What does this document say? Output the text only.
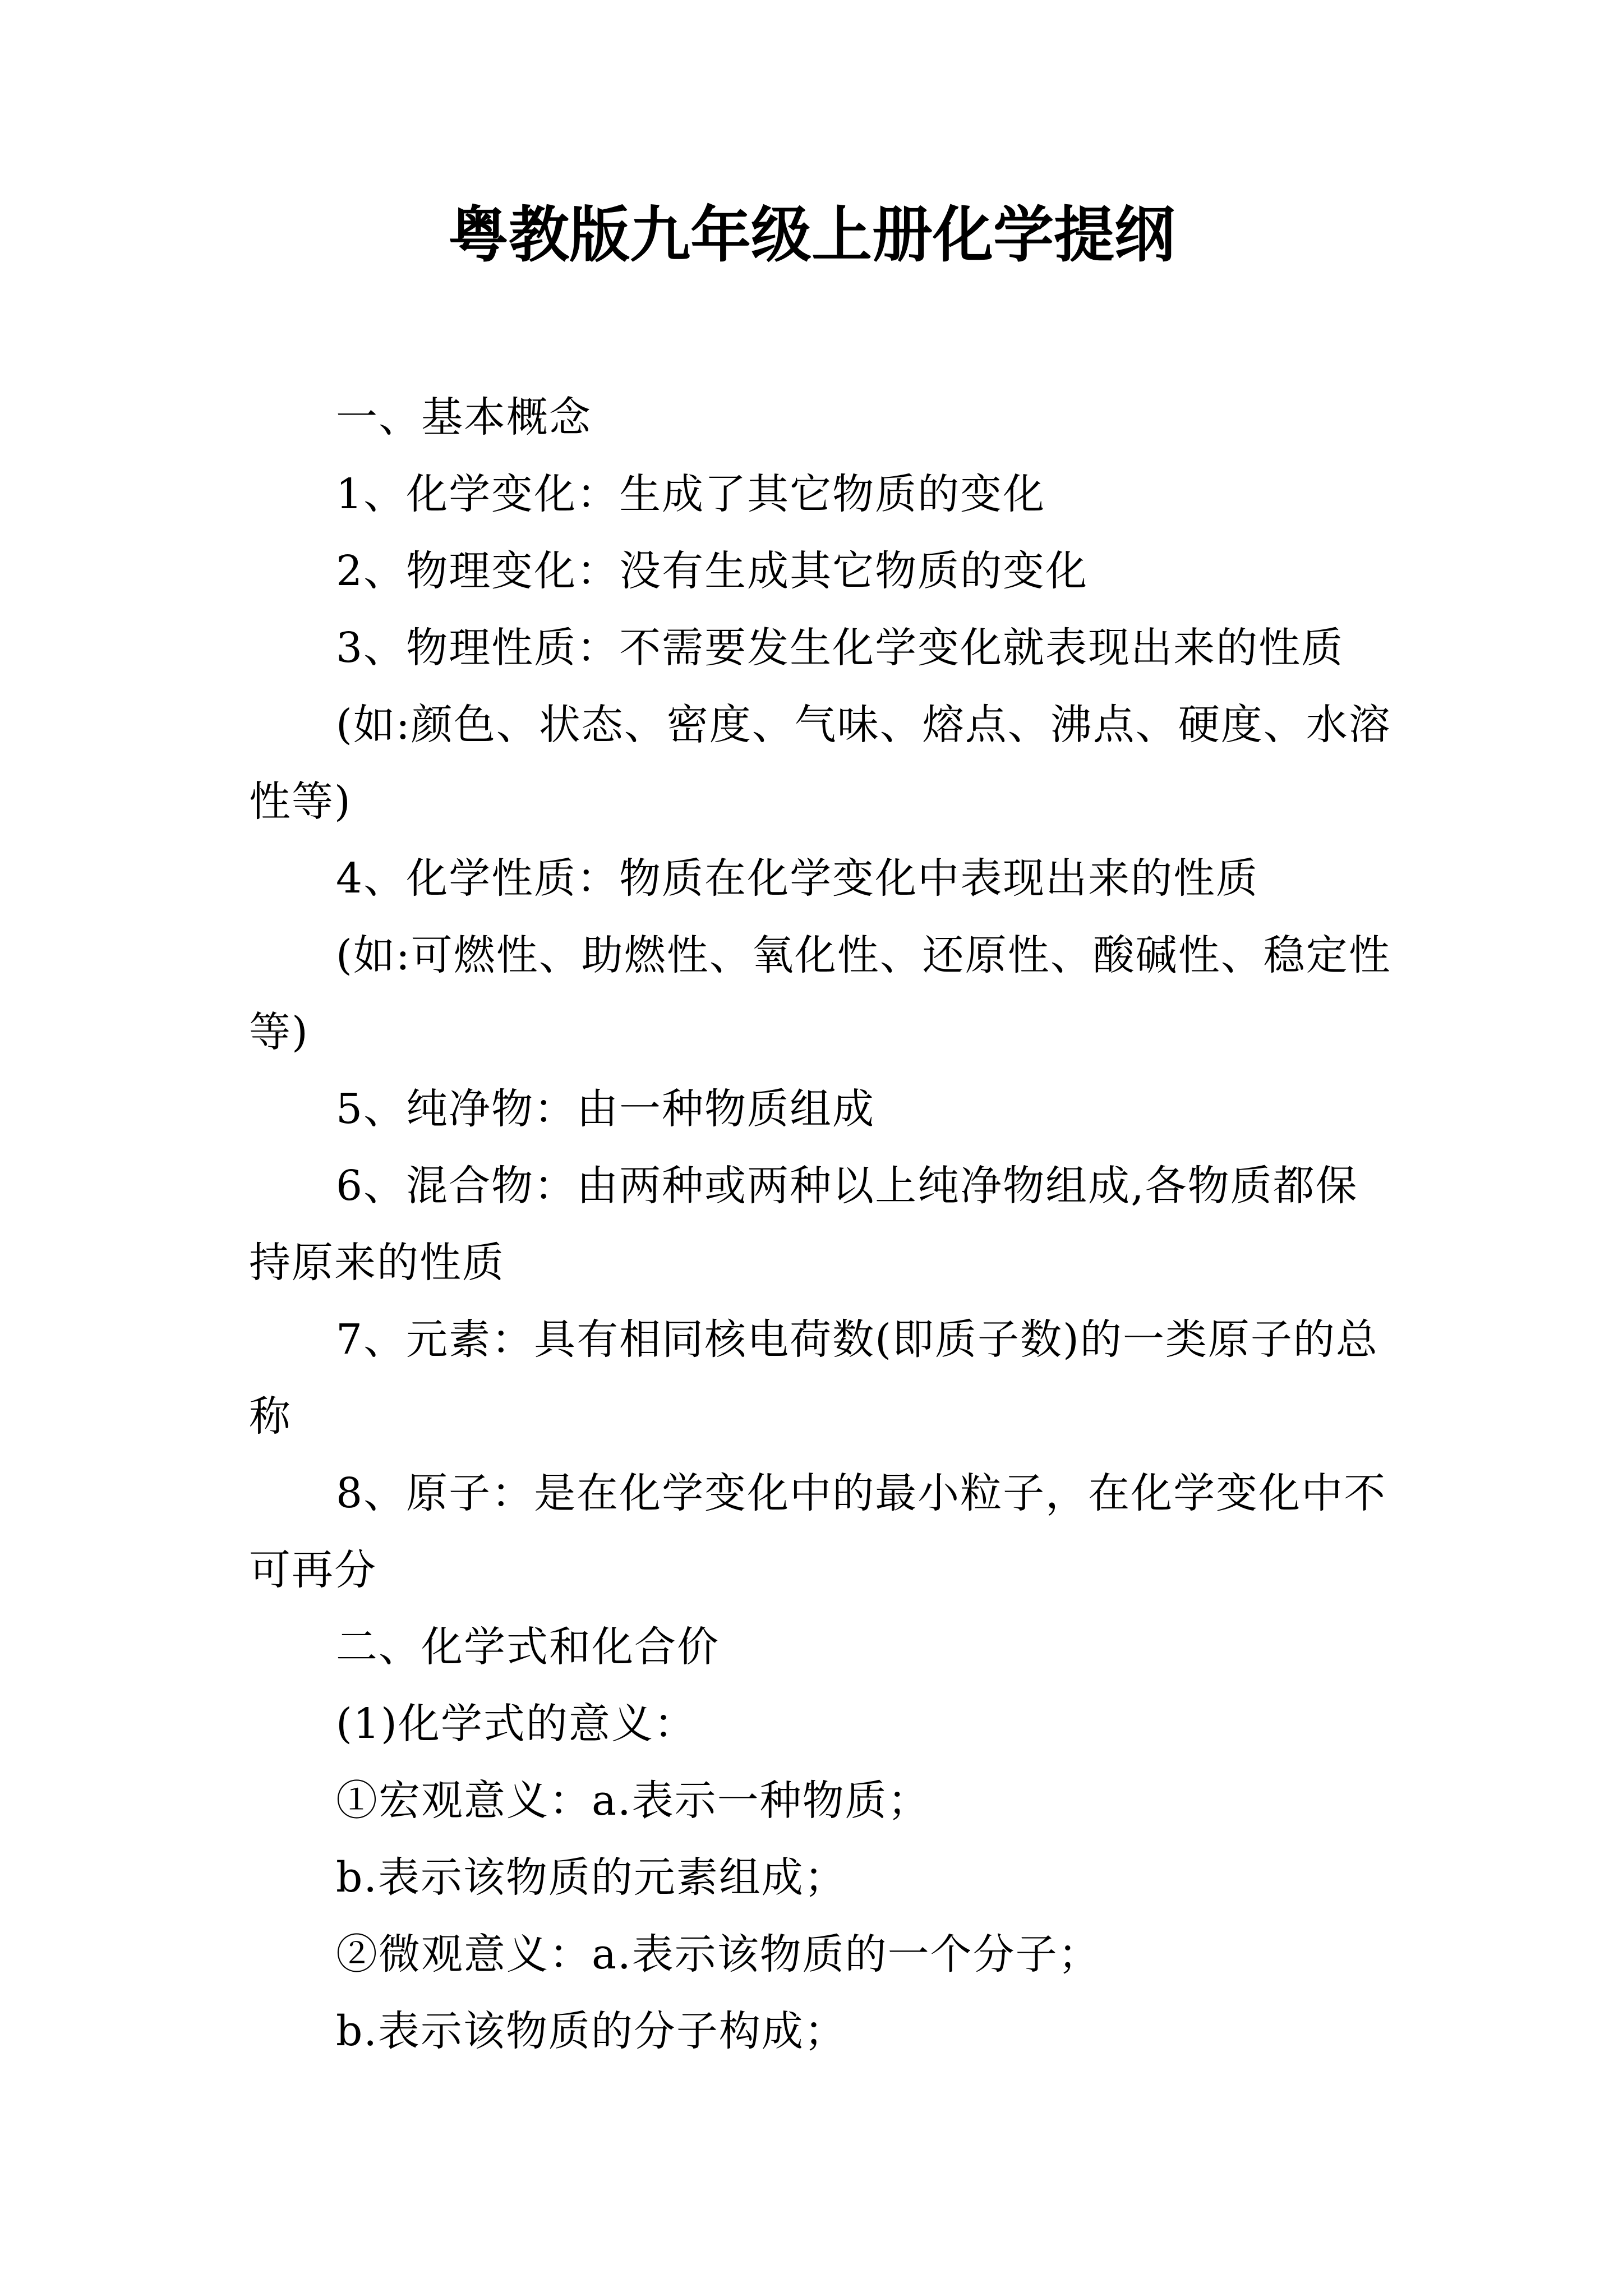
粤教版九年级上册化学提纲

一、基本概念

1、化学变化：生成了其它物质的变化

2、物理变化：没有生成其它物质的变化

3、物理性质：不需要发生化学变化就表现出来的性质

(如:颜色、状态、密度、气味、熔点、沸点、硬度、水溶性等)

4、化学性质：物质在化学变化中表现出来的性质

(如:可燃性、助燃性、氧化性、还原性、酸碱性、稳定性等)

5、纯净物：由一种物质组成

6、混合物：由两种或两种以上纯净物组成,各物质都保持原来的性质

7、元素：具有相同核电荷数(即质子数)的一类原子的总称

8、原子：是在化学变化中的最小粒子，在化学变化中不可再分

二、化学式和化合价

(1)化学式的意义：

①宏观意义：a.表示一种物质；

b.表示该物质的元素组成；

②微观意义：a.表示该物质的一个分子；

b.表示该物质的分子构成；
